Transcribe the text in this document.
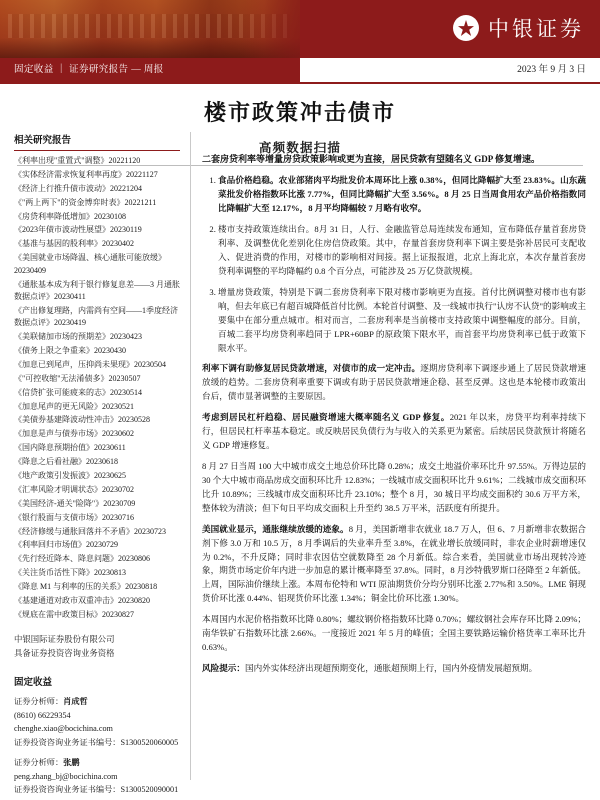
中银证券
固定收益 ｜ 证券研究报告 — 周报	2023 年 9 月 3 日
楼市政策冲击债市
高频数据扫描
相关研究报告
《利率出现"重置式"调整》20221120
《实体经济需求恢复利率再度》20221127
《经济上行推升债市波动》20221204
《"两上两下"的资金博弈时表》20221211
《房贷利率降低增加》20230108
《2023年债市波动性展望》20230119
《基准与基因的股利率》20230402
《美国就业市场降温、核心通胀可能放缓》20230409
《通胀基本成为利于银行修复息差——3 月通胀数据点评》20230411
《产出修复理路，内需尚有空间——1季度经济数据点评》20230419
《美联储加市场的预期差》20230423
《债务上限之争重来》20230430
《加息已到尾声，压抑尚未果现》20230504
《"可控收缩"无法淆债多》20230507
《信贷扩张可能疲来的志》20230514
《加息尾声的更无风险》20230521
《美债券基建降波动性冲击》20230528
《加息是声与债券市场》20230602
《国内降息预期抬值》20230611
《降息之后看社融》20230618
《地产政策引发振波》20230625
《汇率风险才明调状态》20230702
《美国经济-通关"险降"》20230709
《银行股面与支债市场》20230716
《经济修缓与通胀回落并不矛盾》20230723
《利率回归市场值》20230729
《先行经近降本、降息问题》20230806
《关注货币活性下降》20230813
《降息 M1 与利率的压的关系》20230818
《基建通道对政市双重冲击》20230820
《规底在需中政策目标》20230827
中银国际证券股份有限公司
具备证券投资咨询业务资格
固定收益
证券分析师：肖成哲
(8610) 66229354
chenghe.xiao@bocichina.com
证券投资咨询业务证书编号：S1300520060005
证券分析师：张鹏
peng.zhang_bj@bocichina.com
证券投资咨询业务证书编号：S1300520090001
二套房贷利率等增量房贷政策影响或更为直接，居民贷款有望随名义 GDP 修复增速。
1. 食品价格趋稳。农业部猪肉平均批发价本周环比上涨 0.38%，但同比降幅扩大至 23.83%。山东蔬菜批发价格指数环比涨 7.77%，但同比降幅扩大至 3.56%。8 月 25 日当周食用农产品价格指数同比降幅扩大至 12.17%，8 月平均降幅较 7 月略有收窄。
2. 楼市支持政策连续出台。8月 31 日，人行、金融监管总局连续发布通知，宣布降低存量首套房贷利率、及调整优化差别化住房信贷政策。其中，存量首套房贷利率下调主要是弥补居民可支配收入、促进消费的作用，对楼市的影响相对间接。据上证报报道，北京上海北京，本次存量首套房贷利率调整的平均降幅约 0.8 个百分点，可能涉及 25 万亿贷款规模。
3. 增量房贷政策，特别是下调二套房贷利率下限对楼市影响更为直接。首付比例调整对楼市也有影响，但去年底已有超百城降低首付比例。本轮首付调整、及一线城市执行"认房不认贷"的影响或主要集中在部分重点城市。相对而言，二套房利率是当前楼市支持政策中调整幅度的部分。目前，百城二套平均房贷利率趋同于 LPR+60BP 的原政策下限水平，而首套平均房贷利率已低于政策下限水平。
利率下调有助修复居民贷款增速，对债市的成一定冲击。逐期房贷利率下调逐步通上了居民贷款增速放缓的趋势。二套房贷利率重要下调或有助于居民贷款增速企稳、甚至反弹。这也是本轮楼市政策出台后，债市显著调整的主要原因。
考虑到居民杠杆趋稳、居民融资增速大概率随名义 GDP 修复。2021 年以来，房贷平均利率持续下行，但居民杠杆率基本稳定。或反映居民负债行为与收入的关系更为紧密。后续居民贷款预计将随名义 GDP 增速修复。
8 月 27 日当周 100 大中城市成交土地总价环比降 0.28%；成交土地溢价率环比升 97.55%。万得边层的 30 个大中城市商品房成交面积环比升 12.83%；一线城市成交面积环比升 9.61%；二线城市成交面积环比升 10.89%；三线城市成交面积环比升 23.10%；整个 8 月，30 城日平均成交面积约 30.6 万平方米，整体较为清淡；但下旬日平均成交面积上升至约 38.5 万平米，活跃度有所提升。
美国就业显示，通胀继续放缓的迹象。8 月，美国新增非农就业 18.7 万人，但 6、7 月新增非农数据合剂下修 3.0 万和 10.5 万，8 月季调后的失业率升至 3.8%，在就业增长放缓同时，非农企业时薪增速仅为 0.2%，不升反降；同时非农因估空就数降至 28 个月新低。综合来看，美国就业市场出现转冷迹象，期货市场定价年内进一步加息的累计概率降至 37.8%。同时，8 月沙特俄罗斯口径降至 2 年新低。上周，国际油价继续上涨。本周布伦特和 WTI 原油期货价分均分别环比涨 2.77%和 3.50%。LME 铜现货价环比涨 0.44%、铝现货价环比涨 1.34%；铜金比价环比涨 1.30%。
本周国内水泥价格指数环比降 0.80%；螺纹钢价格指数环比降 0.70%；螺纹钢社会库存环比降 2.09%；南华铁矿石指数环比涨 2.66%。一度接近 2021 年 5 月的峰值；全国主要铁路运输价格货率工率环比升 0.63%。
风险提示：国内外实体经济出现超预期变化，通胀超预期上行，国内外疫情发展超预期。
